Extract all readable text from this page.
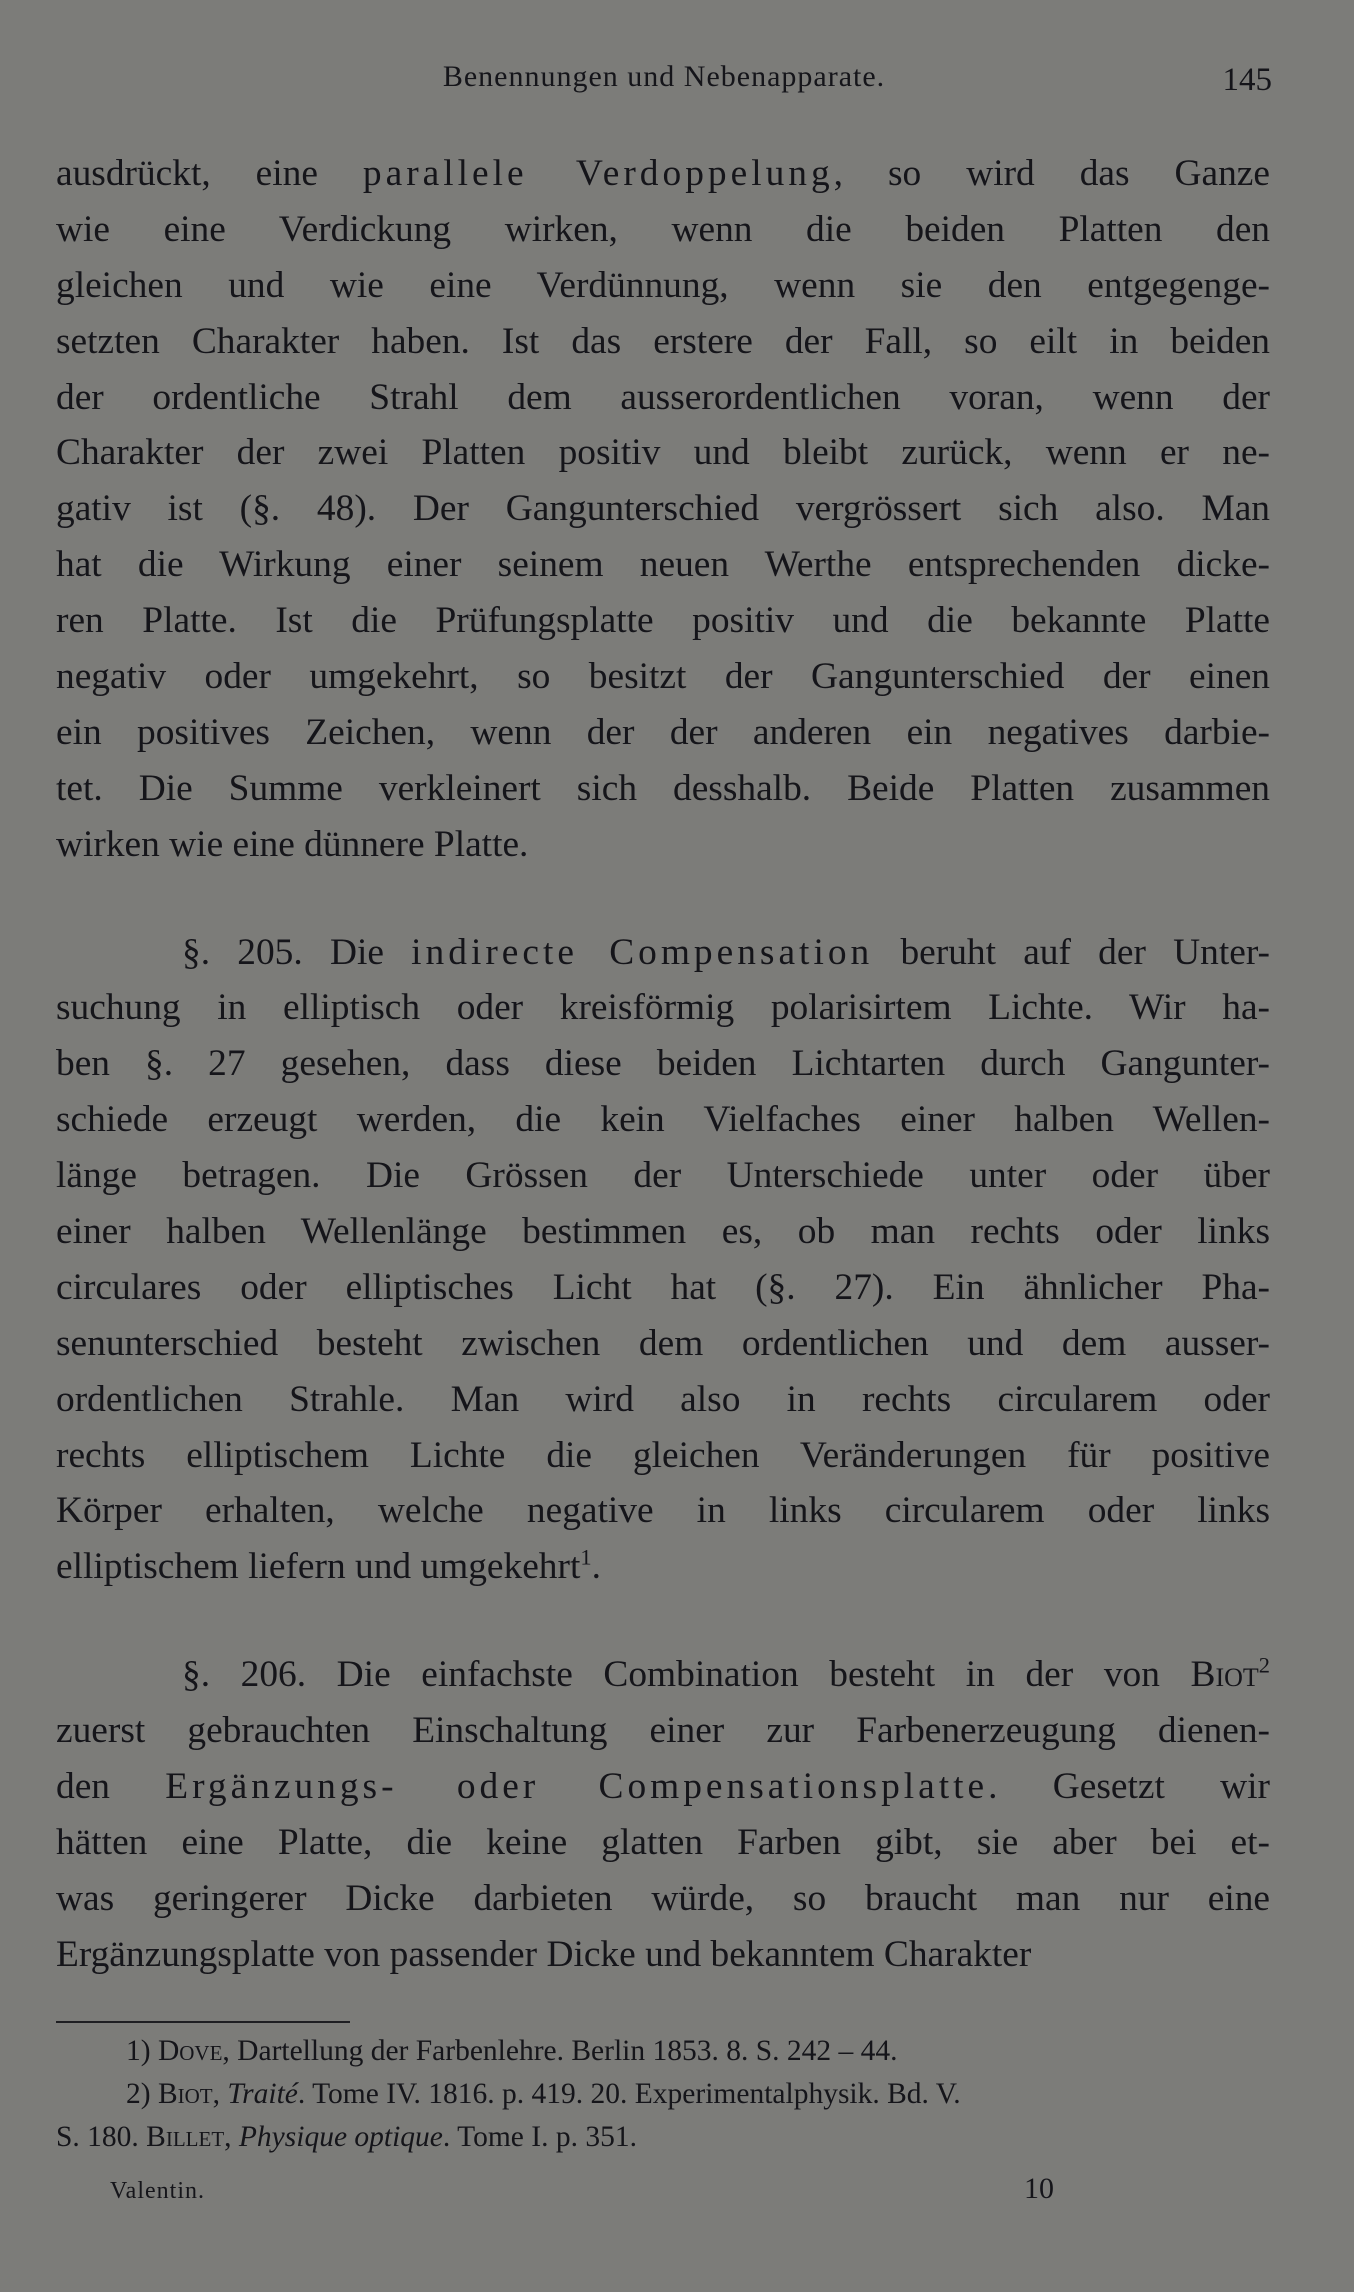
Benennungen und Nebenapparate.	145
ausdrückt, eine parallele Verdoppelung, so wird das Ganze
wie eine Verdickung wirken, wenn die beiden Platten den
gleichen und wie eine Verdünnung, wenn sie den entgegenge-
setzten Charakter haben. Ist das erstere der Fall, so eilt in beiden
der ordentliche Strahl dem ausserordentlichen voran, wenn der
Charakter der zwei Platten positiv und bleibt zurück, wenn er ne-
gativ ist (§. 48). Der Gangunterschied vergrössert sich also. Man
hat die Wirkung einer seinem neuen Werthe entsprechenden dicke-
ren Platte. Ist die Prüfungsplatte positiv und die bekannte Platte
negativ oder umgekehrt, so besitzt der Gangunterschied der einen
ein positives Zeichen, wenn der der anderen ein negatives darbie-
tet. Die Summe verkleinert sich desshalb. Beide Platten zusammen
wirken wie eine dünnere Platte.
§. 205. Die indirecte Compensation beruht auf der Unter-
suchung in elliptisch oder kreisförmig polarisirtem Lichte. Wir ha-
ben §. 27 gesehen, dass diese beiden Lichtarten durch Gangunter-
schiede erzeugt werden, die kein Vielfaches einer halben Wellen-
länge betragen. Die Grössen der Unterschiede unter oder über
einer halben Wellenlänge bestimmen es, ob man rechts oder links
circulares oder elliptisches Licht hat (§. 27). Ein ähnlicher Pha-
senunterschied besteht zwischen dem ordentlichen und dem ausser-
ordentlichen Strahle. Man wird also in rechts circularem oder
rechts elliptischem Lichte die gleichen Veränderungen für positive
Körper erhalten, welche negative in links circularem oder links
elliptischem liefern und umgekehrt$^1$.
§. 206. Die einfachste Combination besteht in der von Biot$^2$
zuerst gebrauchten Einschaltung einer zur Farbenerzeugung dienen-
den Ergänzungs- oder Compensationsplatte. Gesetzt wir
hätten eine Platte, die keine glatten Farben gibt, sie aber bei et-
was geringerer Dicke darbieten würde, so braucht man nur eine
Ergänzungsplatte von passender Dicke und bekanntem Charakter
1) Dove, Dartellung der Farbenlehre. Berlin 1853. 8. S. 242 – 44.
2) Biot, Traité. Tome IV. 1816. p. 419. 20. Experimentalphysik. Bd. V.
S. 180. Billet, Physique optique. Tome I. p. 351.
Valentin.	10
